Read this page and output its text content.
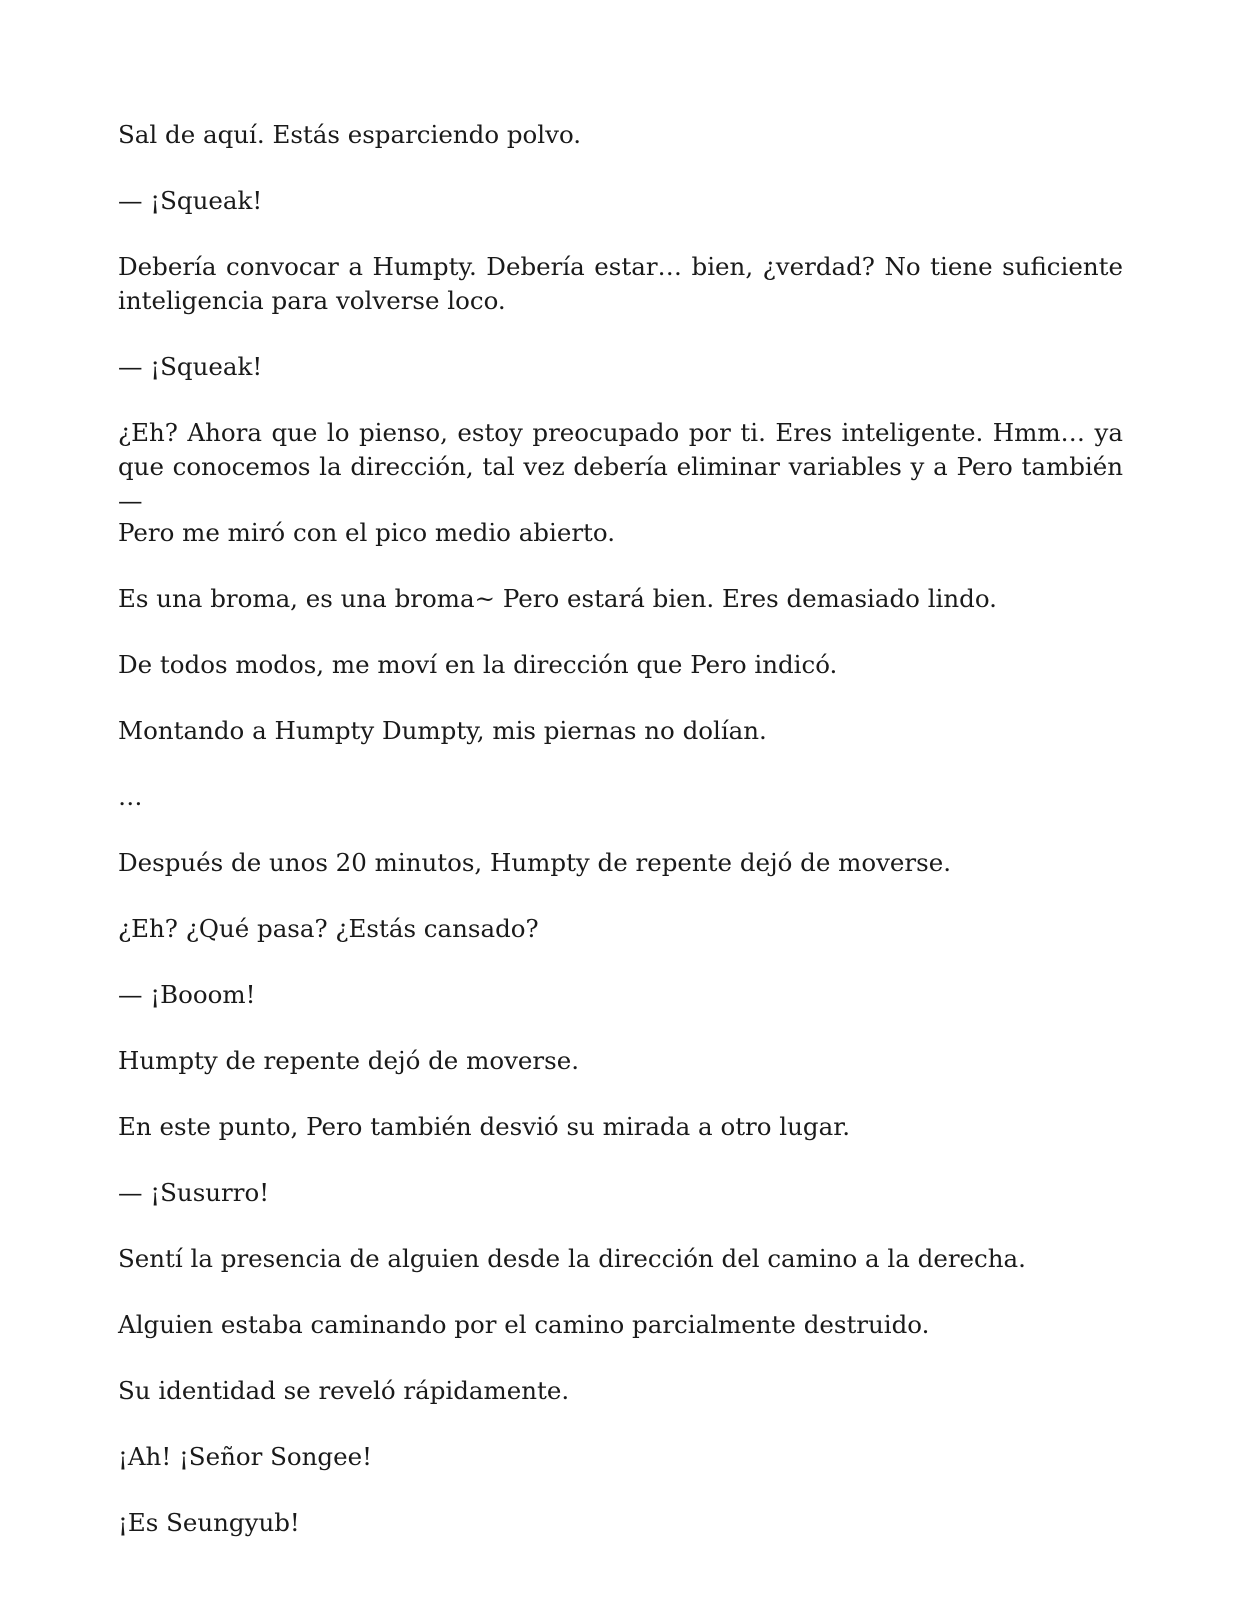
Sal de aquí. Estás esparciendo polvo.

— ¡Squeak!

Debería convocar a Humpty. Debería estar… bien, ¿verdad? No tiene suficiente inteligencia para volverse loco.

— ¡Squeak!

¿Eh? Ahora que lo pienso, estoy preocupado por ti. Eres inteligente. Hmm… ya que conocemos la dirección, tal vez debería eliminar variables y a Pero también—

Pero me miró con el pico medio abierto.

Es una broma, es una broma~ Pero estará bien. Eres demasiado lindo.

De todos modos, me moví en la dirección que Pero indicó.

Montando a Humpty Dumpty, mis piernas no dolían.

…

Después de unos 20 minutos, Humpty de repente dejó de moverse.

¿Eh? ¿Qué pasa? ¿Estás cansado?

— ¡Booom!

Humpty de repente dejó de moverse.

En este punto, Pero también desvió su mirada a otro lugar.

— ¡Susurro!

Sentí la presencia de alguien desde la dirección del camino a la derecha.

Alguien estaba caminando por el camino parcialmente destruido.

Su identidad se reveló rápidamente.

¡Ah! ¡Señor Songee!

¡Es Seungyub!
